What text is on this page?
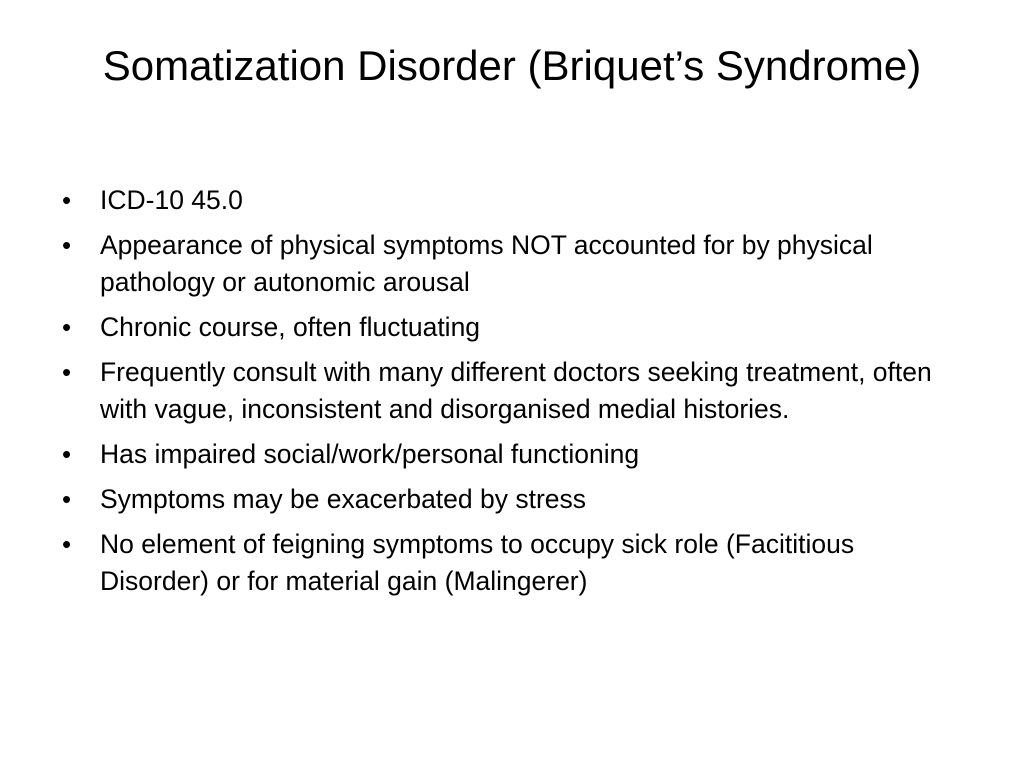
Somatization Disorder (Briquet’s Syndrome)
•	ICD-10 45.0
•	Appearance of physical symptoms NOT accounted for by physical pathology or autonomic arousal
•	Chronic course, often fluctuating
•	Frequently consult with many different doctors seeking treatment, often with vague, inconsistent and disorganised medial histories.
•	Has impaired social/work/personal functioning
•	Symptoms may be exacerbated by stress
•	No element of feigning symptoms to occupy sick role (Facititious Disorder) or for material gain (Malingerer)
